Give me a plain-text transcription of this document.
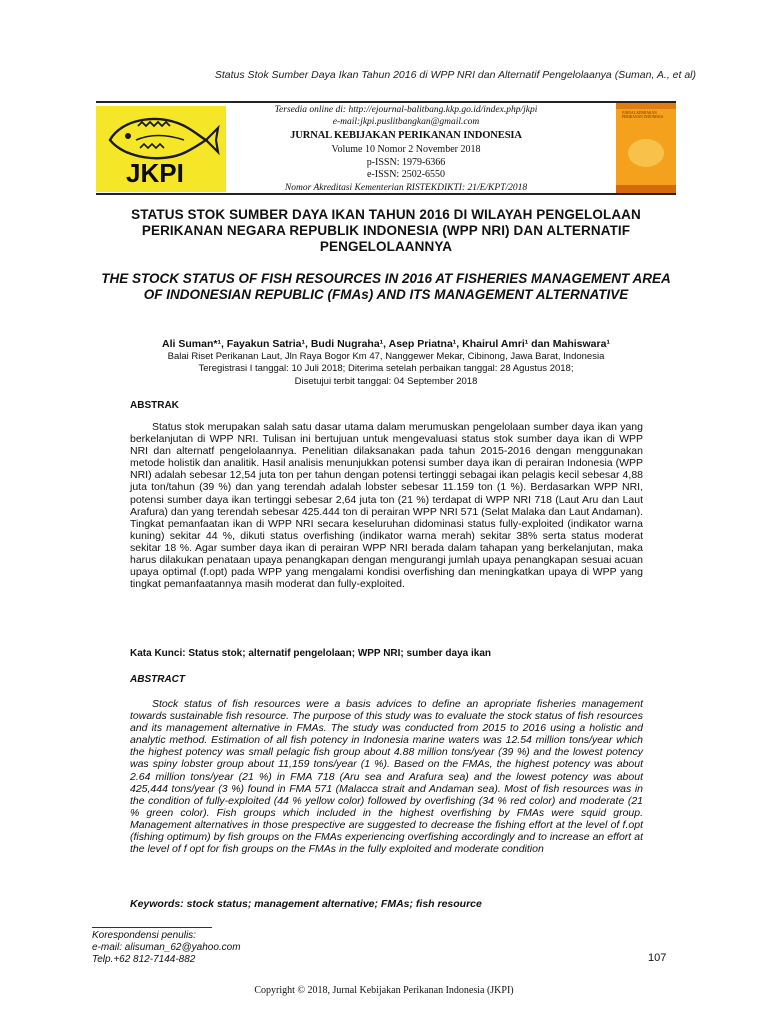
Status Stok Sumber Daya Ikan Tahun 2016 di WPP NRI dan Alternatif Pengelolaanya (Suman, A., et al)
JKPI
Tersedia online di: http://ejournal-balitbang.kkp.go.id/index.php/jkpi
e-mail:jkpi.puslitbangkan@gmail.com
JURNAL KEBIJAKAN PERIKANAN INDONESIA
Volume 10 Nomor 2 November 2018
p-ISSN: 1979-6366
e-ISSN: 2502-6550
Nomor Akreditasi Kementerian RISTEKDIKTI: 21/E/KPT/2018
JURNAL KEBIJAKAN PERIKANAN INDONESIA
STATUS STOK SUMBER DAYA IKAN TAHUN 2016 DI WILAYAH PENGELOLAAN PERIKANAN NEGARA REPUBLIK INDONESIA (WPP NRI) DAN ALTERNATIF PENGELOLAANNYA
THE STOCK STATUS OF FISH RESOURCES IN 2016 AT FISHERIES MANAGEMENT AREA OF INDONESIAN REPUBLIC (FMAs) AND ITS MANAGEMENT ALTERNATIVE
Ali Suman*¹, Fayakun Satria¹, Budi Nugraha¹, Asep Priatna¹, Khairul Amri¹ dan Mahiswara¹
Balai Riset Perikanan Laut, Jln Raya Bogor Km 47, Nanggewer Mekar, Cibinong, Jawa Barat, Indonesia
Teregistrasi I tanggal: 10 Juli 2018; Diterima setelah perbaikan tanggal: 28 Agustus 2018;
Disetujui terbit tanggal: 04 September 2018
ABSTRAK

Status stok merupakan salah satu dasar utama dalam merumuskan pengelolaan sumber daya ikan yang berkelanjutan di WPP NRI. Tulisan ini bertujuan untuk mengevaluasi status stok sumber daya ikan di WPP NRI dan alternatf pengelolaannya. Penelitian dilaksanakan pada tahun 2015-2016 dengan menggunakan metode holistik dan analitik. Hasil analisis menunjukkan potensi sumber daya ikan di perairan Indonesia (WPP NRI) adalah sebesar 12,54 juta ton per tahun dengan potensi tertinggi sebagai ikan pelagis kecil sebesar 4,88 juta ton/tahun (39 %) dan yang terendah adalah lobster sebesar 11.159 ton (1 %). Berdasarkan WPP NRI, potensi sumber daya ikan tertinggi sebesar 2,64 juta ton (21 %) terdapat di WPP NRI 718 (Laut Aru dan Laut Arafura) dan yang terendah sebesar 425.444 ton di perairan WPP NRI 571 (Selat Malaka dan Laut Andaman). Tingkat pemanfaatan ikan di WPP NRI secara keseluruhan didominasi status fully-exploited (indikator warna kuning) sekitar 44 %, dikuti status overfishing (indikator warna merah) sekitar 38% serta status moderat sekitar 18 %. Agar sumber daya ikan di perairan WPP NRI berada dalam tahapan yang berkelanjutan, maka harus dilakukan penataan upaya penangkapan dengan mengurangi jumlah upaya penangkapan sesuai acuan upaya optimal (f.opt) pada WPP yang mengalami kondisi overfishing dan meningkatkan upaya di WPP yang tingkat pemanfaatannya masih moderat dan fully-exploited.

Kata Kunci: Status stok; alternatif pengelolaan; WPP NRI; sumber daya ikan
ABSTRACT

Stock status of fish resources were a basis advices to define an apropriate fisheries management towards sustainable fish resource. The purpose of this study was to evaluate the stock status of fish resources and its management alternative in FMAs. The study was conducted from 2015 to 2016 using a holistic and analytic method. Estimation of all fish potency in Indonesia marine waters was 12.54 million tons/year which the highest potency was small pelagic fish group about 4.88 million tons/year (39 %) and the lowest potency was spiny lobster group about 11,159 tons/year (1 %). Based on the FMAs, the highest potency was about 2.64 million tons/year (21 %) in FMA 718 (Aru sea and Arafura sea) and the lowest potency was about 425,444 tons/year (3 %) found in FMA 571 (Malacca strait and Andaman sea). Most of fish resources was in the condition of fully-exploited (44 % yellow color) followed by overfishing (34 % red color) and moderate (21 % green color). Fish groups which included in the highest overfishing by FMAs were squid group. Management alternatives in those prespective are suggested to decrease the fishing effort at the level of f.opt (fishing optimum) by fish groups on the FMAs experiencing overfishing accordingly and to increase an effort at the level of f opt for fish groups on the FMAs in the fully exploited and moderate condition

Keywords: stock status; management alternative; FMAs; fish resource
Korespondensi penulis:
e-mail: alisuman_62@yahoo.com
Telp.+62 812-7144-882	107
Copyright © 2018, Jurnal Kebijakan Perikanan Indonesia (JKPI)
